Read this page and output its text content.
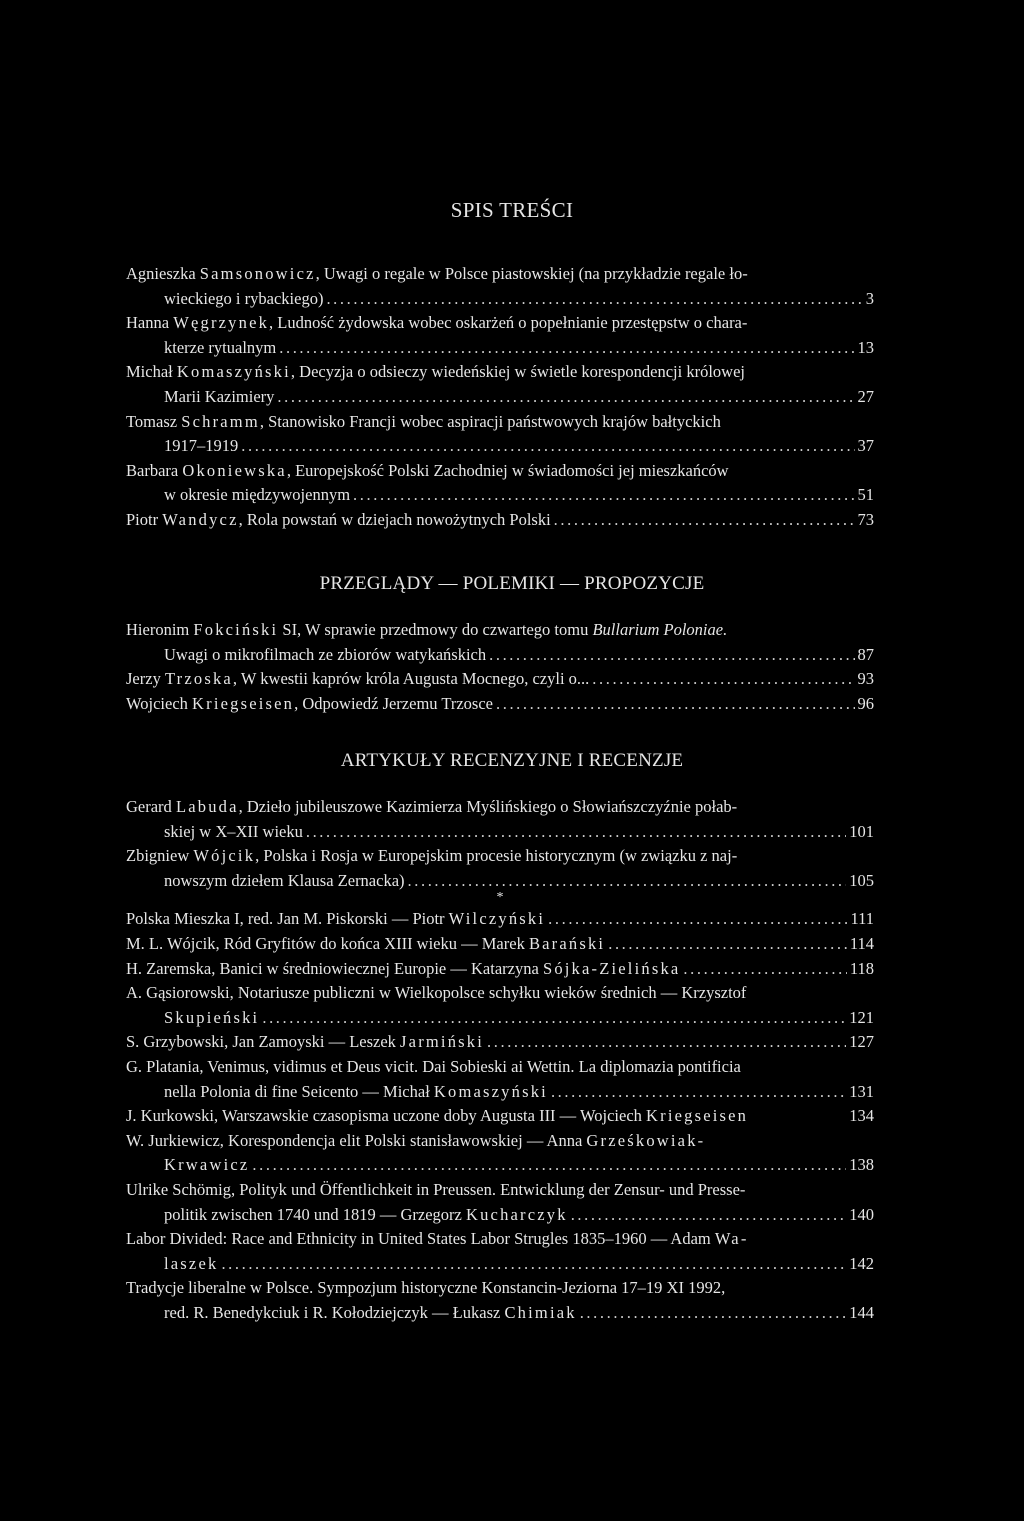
SPIS TREŚCI
Agnieszka Samsonowicz, Uwagi o regale w Polsce piastowskiej (na przykładzie regale ło-
wieckiego i rybackiego) .....	3
Hanna Węgrzynek, Ludność żydowska wobec oskarżeń o popełnianie przestępstw o chara-
kterze rytualnym .....	13
Michał Komaszyński, Decyzja o odsieczy wiedeńskiej w świetle korespondencji królowej
Marii Kazimiery .....	27
Tomasz Schramm, Stanowisko Francji wobec aspiracji państwowych krajów bałtyckich
1917–1919 .....	37
Barbara Okoniewska, Europejskość Polski Zachodniej w świadomości jej mieszkańców
w okresie międzywojennym .....	51
Piotr Wandycz, Rola powstań w dziejach nowożytnych Polski .....	73
PRZEGLĄDY — POLEMIKI — PROPOZYCJE
Hieronim Fokciński SI, W sprawie przedmowy do czwartego tomu Bullarium Poloniae.
Uwagi o mikrofilmach ze zbiorów watykańskich .....	87
Jerzy Trzoska, W kwestii kaprów króla Augusta Mocnego, czyli o... .....	93
Wojciech Kriegseisen, Odpowiedź Jerzemu Trzosce .....	96
ARTYKUŁY RECENZYJNE I RECENZJE
Gerard Labuda, Dzieło jubileuszowe Kazimierza Myślińskiego o Słowiańszczyźnie połab-
skiej w X–XII wieku .....	101
Zbigniew Wójcik, Polska i Rosja w Europejskim procesie historycznym (w związku z naj-
nowszym dziełem Klausa Zernacka) .....	105
*
Polska Mieszka I, red. Jan M. Piskorski — Piotr Wilczyński .....	111
M. L. Wójcik, Ród Gryfitów do końca XIII wieku — Marek Barański .....	114
H. Zaremska, Banici w średniowiecznej Europie — Katarzyna Sójka-Zielińska .....	118
A. Gąsiorowski, Notariusze publiczni w Wielkopolsce schyłku wieków średnich — Krzysztof
Skupieński .....	121
S. Grzybowski, Jan Zamoyski — Leszek Jarmiński .....	127
G. Platania, Venimus, vidimus et Deus vicit. Dai Sobieski ai Wettin. La diplomazia pontificia
nella Polonia di fine Seicento — Michał Komaszyński .....	131
J. Kurkowski, Warszawskie czasopisma uczone doby Augusta III — Wojciech Kriegseisen	134
W. Jurkiewicz, Korespondencja elit Polski stanisławowskiej — Anna Grześkowiak-
Krwawicz .....	138
Ulrike Schömig, Polityk und Öffentlichkeit in Preussen. Entwicklung der Zensur- und Presse-
politik zwischen 1740 und 1819 — Grzegorz Kucharczyk .....	140
Labor Divided: Race and Ethnicity in United States Labor Strugles 1835–1960 — Adam Wa-
laszek .....	142
Tradycje liberalne w Polsce. Sympozjum historyczne Konstancin-Jeziorna 17–19 XI 1992,
red. R. Benedykciuk i R. Kołodziejczyk — Łukasz Chimiak .....	144
